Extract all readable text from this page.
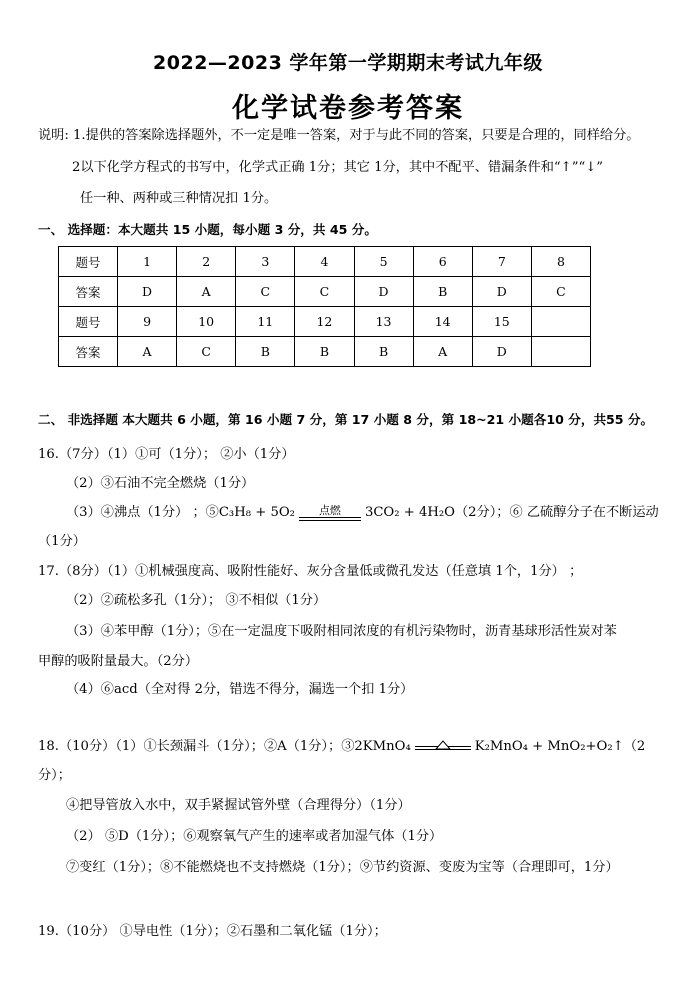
2022—2023 学年第一学期期末考试九年级
化学试卷参考答案
说明: 1.提供的答案除选择题外，不一定是唯一答案，对于与此不同的答案，只要是合理的，同样给分。
2以下化学方程式的书写中，化学式正确 1分；其它 1分，其中不配平、错漏条件和“↑”“↓”
任一种、两种或三种情况扣 1分。
一、 选择题：本大题共 15 小题，每小题 3 分，共 45 分。
题号	1	2	3	4	5	6	7	8
答案	D	A	C	C	D	B	D	C
题号	9	10	11	12	13	14	15	
答案	A	C	B	B	B	A	D	
二、 非选择题 本大题共 6 小题，第 16 小题 7 分，第 17 小题 8 分，第 18~21 小题各10 分，共55 分。
16.（7分）（1）①可（1分）； ②小（1分）
（2）③石油不完全燃烧（1分）
（3）④沸点（1分） ；⑤C₃H₈ + 5O₂	点燃	3CO₂ + 4H₂O（2分）；⑥ 乙硫醇分子在不断运动
（1分）
17.（8分）（1）①机械强度高、吸附性能好、灰分含量低或微孔发达（任意填 1个，1分） ；
（2）②疏松多孔（1分）； ③不相似（1分）
（3）④苯甲醇（1分）；⑤在一定温度下吸附相同浓度的有机污染物时，沥青基球形活性炭对苯
甲醇的吸附量最大。（2分）
（4）⑥acd（全对得 2分，错选不得分，漏选一个扣 1分）
18.（10分）（1）①长颈漏斗（1分）；②A（1分）；③2KMnO₄	K₂MnO₄ + MnO₂+O₂↑（2
分）；
④把导管放入水中，双手紧握试管外壁（合理得分）（1分）
（2） ⑤D（1分）；⑥观察氧气产生的速率或者加湿气体（1分）
⑦变红（1分）；⑧不能燃烧也不支持燃烧（1分）；⑨节约资源、变废为宝等（合理即可，1分）
19.（10分） ①导电性（1分）；②石墨和二氧化锰（1分）；
